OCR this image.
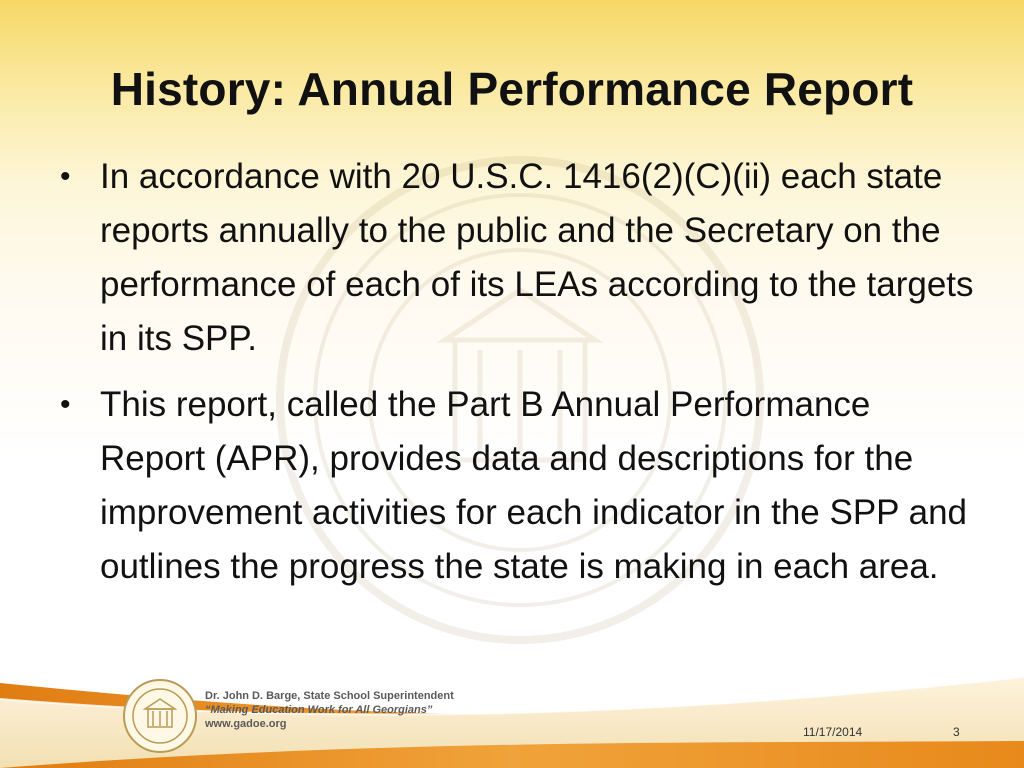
History: Annual Performance Report
• In accordance with 20 U.S.C. 1416(2)(C)(ii) each state reports annually to the public and the Secretary on the performance of each of its LEAs according to the targets in its SPP.
• This report, called the Part B Annual Performance Report (APR), provides data and descriptions for the improvement activities for each indicator in the SPP and outlines the progress the state is making in each area.
Dr. John D. Barge, State School Superintendent
“Making Education Work for All Georgians”
www.gadoe.org
11/17/2014	3
